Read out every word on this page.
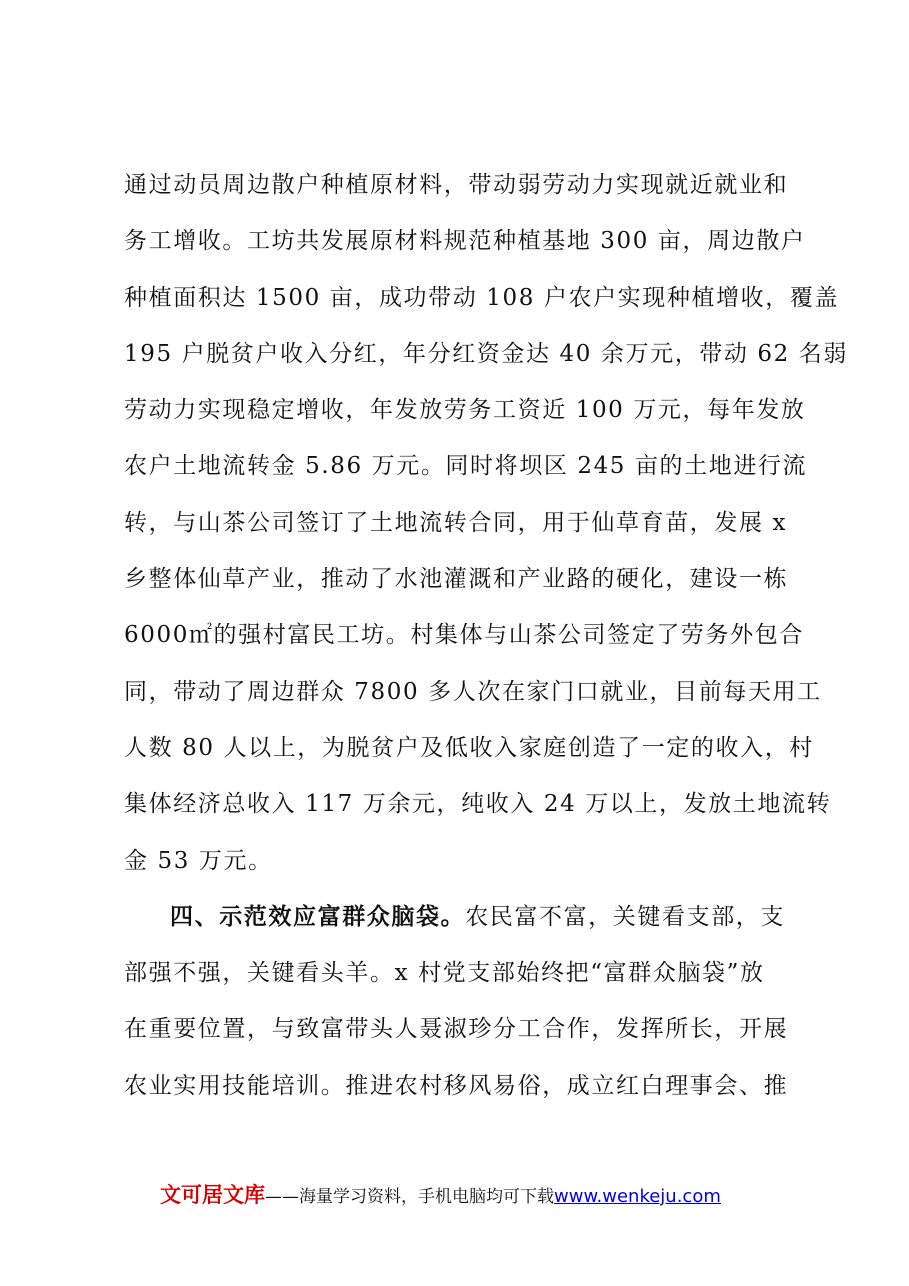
通过动员周边散户种植原材料，带动弱劳动力实现就近就业和
务工增收。工坊共发展原材料规范种植基地 300 亩，周边散户
种植面积达 1500 亩，成功带动 108 户农户实现种植增收，覆盖
195 户脱贫户收入分红，年分红资金达 40 余万元，带动 62 名弱
劳动力实现稳定增收，年发放劳务工资近 100 万元，每年发放
农户土地流转金 5.86 万元。同时将坝区 245 亩的土地进行流
转，与山茶公司签订了土地流转合同，用于仙草育苗，发展 x
乡整体仙草产业，推动了水池灌溉和产业路的硬化，建设一栋
6000㎡的强村富民工坊。村集体与山茶公司签定了劳务外包合
同，带动了周边群众 7800 多人次在家门口就业，目前每天用工
人数 80 人以上，为脱贫户及低收入家庭创造了一定的收入，村
集体经济总收入 117 万余元，纯收入 24 万以上，发放土地流转
金 53 万元。
四、示范效应富群众脑袋。农民富不富，关键看支部，支
部强不强，关键看头羊。x 村党支部始终把“富群众脑袋”放
在重要位置，与致富带头人聂淑珍分工合作，发挥所长，开展
农业实用技能培训。推进农村移风易俗，成立红白理事会、推
文可居文库——海量学习资料，手机电脑均可下载www.wenkeju.com
